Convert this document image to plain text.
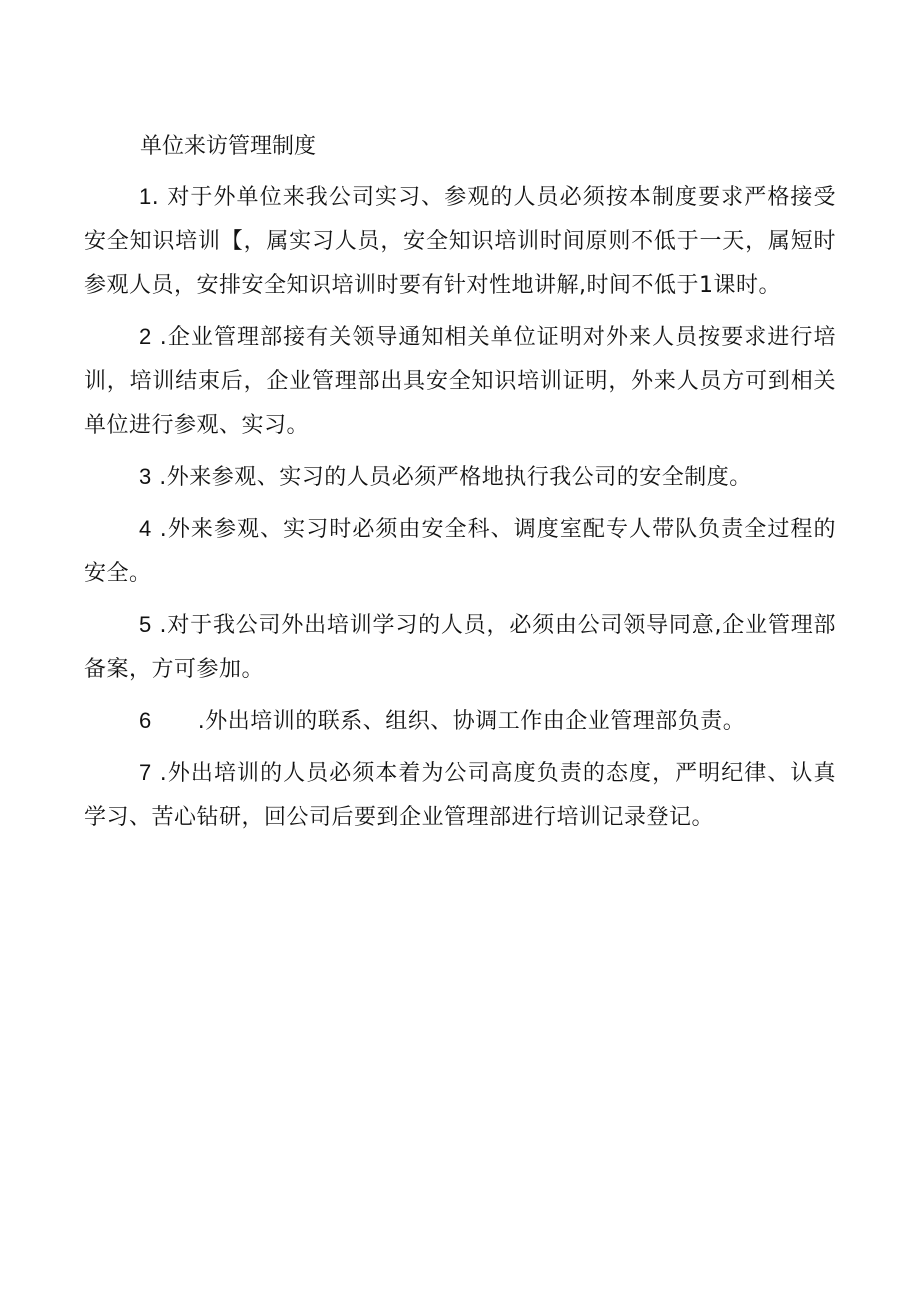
单位来访管理制度

1. 对于外单位来我公司实习、参观的人员必须按本制度要求严格接受安全知识培训【，属实习人员，安全知识培训时间原则不低于一天，属短时参观人员，安排安全知识培训时要有针对性地讲解,时间不低于1课时。

2 .企业管理部接有关领导通知相关单位证明对外来人员按要求进行培训，培训结束后，企业管理部出具安全知识培训证明，外来人员方可到相关单位进行参观、实习。

3 .外来参观、实习的人员必须严格地执行我公司的安全制度。

4 .外来参观、实习时必须由安全科、调度室配专人带队负责全过程的安全。

5 .对于我公司外出培训学习的人员，必须由公司领导同意,企业管理部备案，方可参加。

6 .外出培训的联系、组织、协调工作由企业管理部负责。

7 .外出培训的人员必须本着为公司高度负责的态度，严明纪律、认真学习、苦心钻研，回公司后要到企业管理部进行培训记录登记。
